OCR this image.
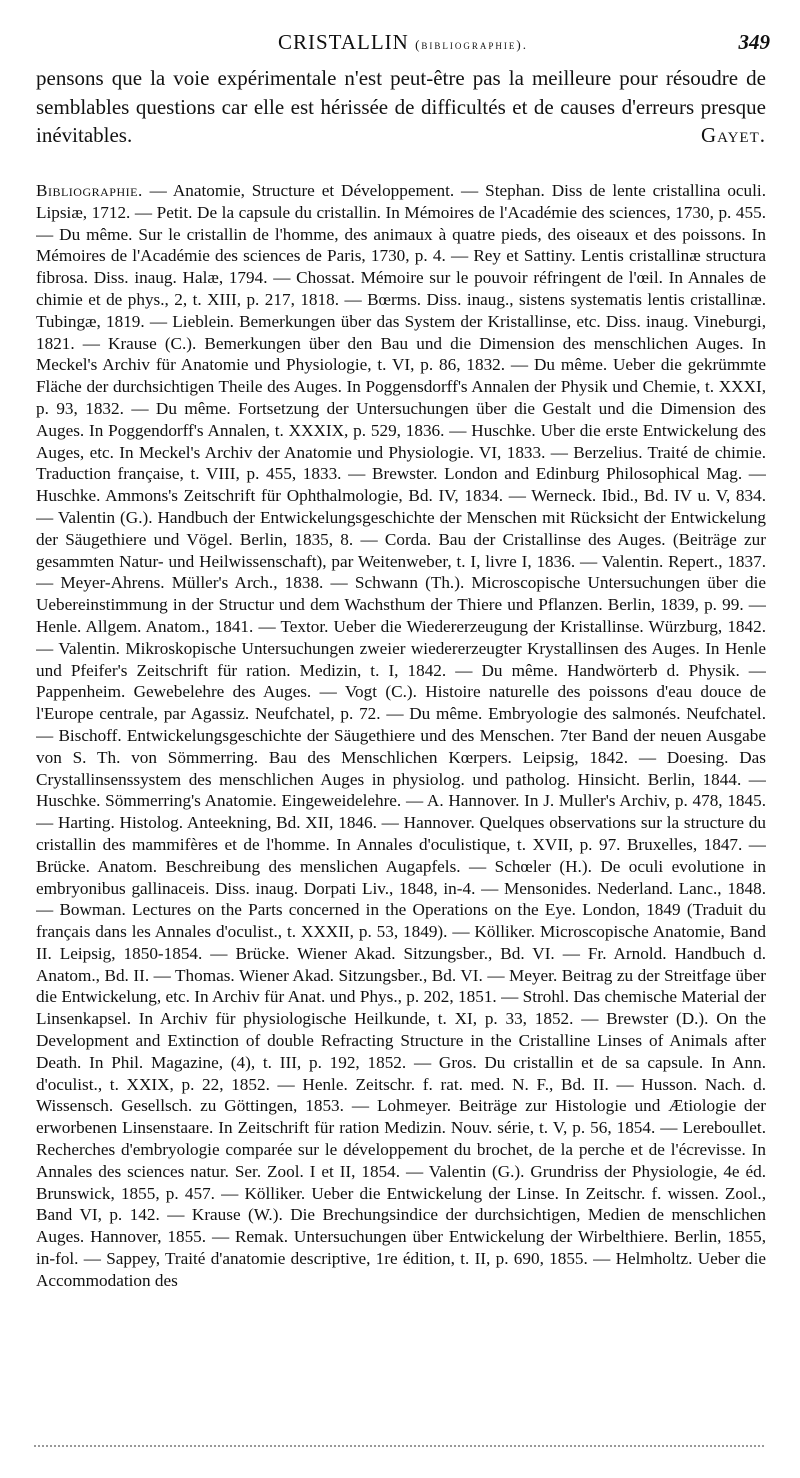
CRISTALLIN (bibliographie).	349
pensons que la voie expérimentale n'est peut-être pas la meilleure pour résoudre de semblables questions car elle est hérissée de difficultés et de causes d'erreurs presque inévitables.	Gayet.
Bibliographie. — Anatomie, Structure et Développement. — Stephan. Diss de lente cristallina oculi. Lipsiæ, 1712. — Petit. De la capsule du cristallin. In Mémoires de l'Académie des sciences, 1730, p. 455. — Du même. Sur le cristallin de l'homme, des animaux à quatre pieds, des oiseaux et des poissons. In Mémoires de l'Académie des sciences de Paris, 1730, p. 4. — Rey et Sattiny. Lentis cristallinæ structura fibrosa. Diss. inaug. Halæ, 1794. — Chossat. Mémoire sur le pouvoir réfringent de l'œil. In Annales de chimie et de phys., 2, t. XIII, p. 217, 1818. — Bœrms. Diss. inaug., sistens systematis lentis cristallinæ. Tubingæ, 1819. — Lieblein. Bemerkungen über das System der Kristallinse, etc. Diss. inaug. Vineburgi, 1821. — Krause (C.). Bemerkungen über den Bau und die Dimension des menschlichen Auges. In Meckel's Archiv für Anatomie und Physiologie, t. VI, p. 86, 1832. — Du même. Ueber die gekrümmte Fläche der durchsichtigen Theile des Auges. In Poggensdorff's Annalen der Physik und Chemie, t. XXXI, p. 93, 1832. — Du même. Fortsetzung der Untersuchungen über die Gestalt und die Dimension des Auges. In Poggendorff's Annalen, t. XXXIX, p. 529, 1836. — Huschke. Uber die erste Entwickelung des Auges, etc. In Meckel's Archiv der Anatomie und Physiologie. VI, 1833. — Berzelius. Traité de chimie. Traduction française, t. VIII, p. 455, 1833. — Brewster. London and Edinburg Philosophical Mag. — Huschke. Ammons's Zeitschrift für Ophthalmologie, Bd. IV, 1834. — Werneck. Ibid., Bd. IV u. V, 834. — Valentin (G.). Handbuch der Entwickelungsgeschichte der Menschen mit Rücksicht der Entwickelung der Säugethiere und Vögel. Berlin, 1835, 8. — Corda. Bau der Cristallinse des Auges. (Beiträge zur gesammten Natur- und Heilwissenschaft), par Weitenweber, t. I, livre I, 1836. — Valentin. Repert., 1837. — Meyer-Ahrens. Müller's Arch., 1838. — Schwann (Th.). Microscopische Untersuchungen über die Uebereinstimmung in der Structur und dem Wachsthum der Thiere und Pflanzen. Berlin, 1839, p. 99. — Henle. Allgem. Anatom., 1841. — Textor. Ueber die Wiedererzeugung der Kristallinse. Würzburg, 1842. — Valentin. Mikroskopische Untersuchungen zweier wiedererzeugter Krystallinsen des Auges. In Henle und Pfeifer's Zeitschrift für ration. Medizin, t. I, 1842. — Du même. Handwörterb d. Physik. — Pappenheim. Gewebelehre des Auges. — Vogt (C.). Histoire naturelle des poissons d'eau douce de l'Europe centrale, par Agassiz. Neufchatel, p. 72. — Du même. Embryologie des salmonés. Neufchatel. — Bischoff. Entwickelungsgeschichte der Säugethiere und des Menschen. 7ter Band der neuen Ausgabe von S. Th. von Sömmerring. Bau des Menschlichen Kœrpers. Leipsig, 1842. — Doesing. Das Crystallinsenssystem des menschlichen Auges in physiolog. und patholog. Hinsicht. Berlin, 1844. — Huschke. Sömmerring's Anatomie. Eingeweidelehre. — A. Hannover. In J. Muller's Archiv, p. 478, 1845. — Harting. Histolog. Anteekning, Bd. XII, 1846. — Hannover. Quelques observations sur la structure du cristallin des mammifères et de l'homme. In Annales d'oculistique, t. XVII, p. 97. Bruxelles, 1847. — Brücke. Anatom. Beschreibung des menslichen Augapfels. — Schœler (H.). De oculi evolutione in embryonibus gallinaceis. Diss. inaug. Dorpati Liv., 1848, in-4. — Mensonides. Nederland. Lanc., 1848. — Bowman. Lectures on the Parts concerned in the Operations on the Eye. London, 1849 (Traduit du français dans les Annales d'oculist., t. XXXII, p. 53, 1849). — Kölliker. Microscopische Anatomie, Band II. Leipsig, 1850-1854. — Brücke. Wiener Akad. Sitzungsber., Bd. VI. — Fr. Arnold. Handbuch d. Anatom., Bd. II. — Thomas. Wiener Akad. Sitzungsber., Bd. VI. — Meyer. Beitrag zu der Streitfage über die Entwickelung, etc. In Archiv für Anat. und Phys., p. 202, 1851. — Strohl. Das chemische Material der Linsenkapsel. In Archiv für physiologische Heilkunde, t. XI, p. 33, 1852. — Brewster (D.). On the Development and Extinction of double Refracting Structure in the Cristalline Linses of Animals after Death. In Phil. Magazine, (4), t. III, p. 192, 1852. — Gros. Du cristallin et de sa capsule. In Ann. d'oculist., t. XXIX, p. 22, 1852. — Henle. Zeitschr. f. rat. med. N. F., Bd. II. — Husson. Nach. d. Wissensch. Gesellsch. zu Göttingen, 1853. — Lohmeyer. Beiträge zur Histologie und Ætiologie der erworbenen Linsenstaare. In Zeitschrift für ration Medizin. Nouv. série, t. V, p. 56, 1854. — Lereboullet. Recherches d'embryologie comparée sur le développement du brochet, de la perche et de l'écrevisse. In Annales des sciences natur. Ser. Zool. I et II, 1854. — Valentin (G.). Grundriss der Physiologie, 4e éd. Brunswick, 1855, p. 457. — Kölliker. Ueber die Entwickelung der Linse. In Zeitschr. f. wissen. Zool., Band VI, p. 142. — Krause (W.). Die Brechungsindice der durchsichtigen, Medien de menschlichen Auges. Hannover, 1855. — Remak. Untersuchungen über Entwickelung der Wirbelthiere. Berlin, 1855, in-fol. — Sappey, Traité d'anatomie descriptive, 1re édition, t. II, p. 690, 1855. — Helmholtz. Ueber die Accommodation des
